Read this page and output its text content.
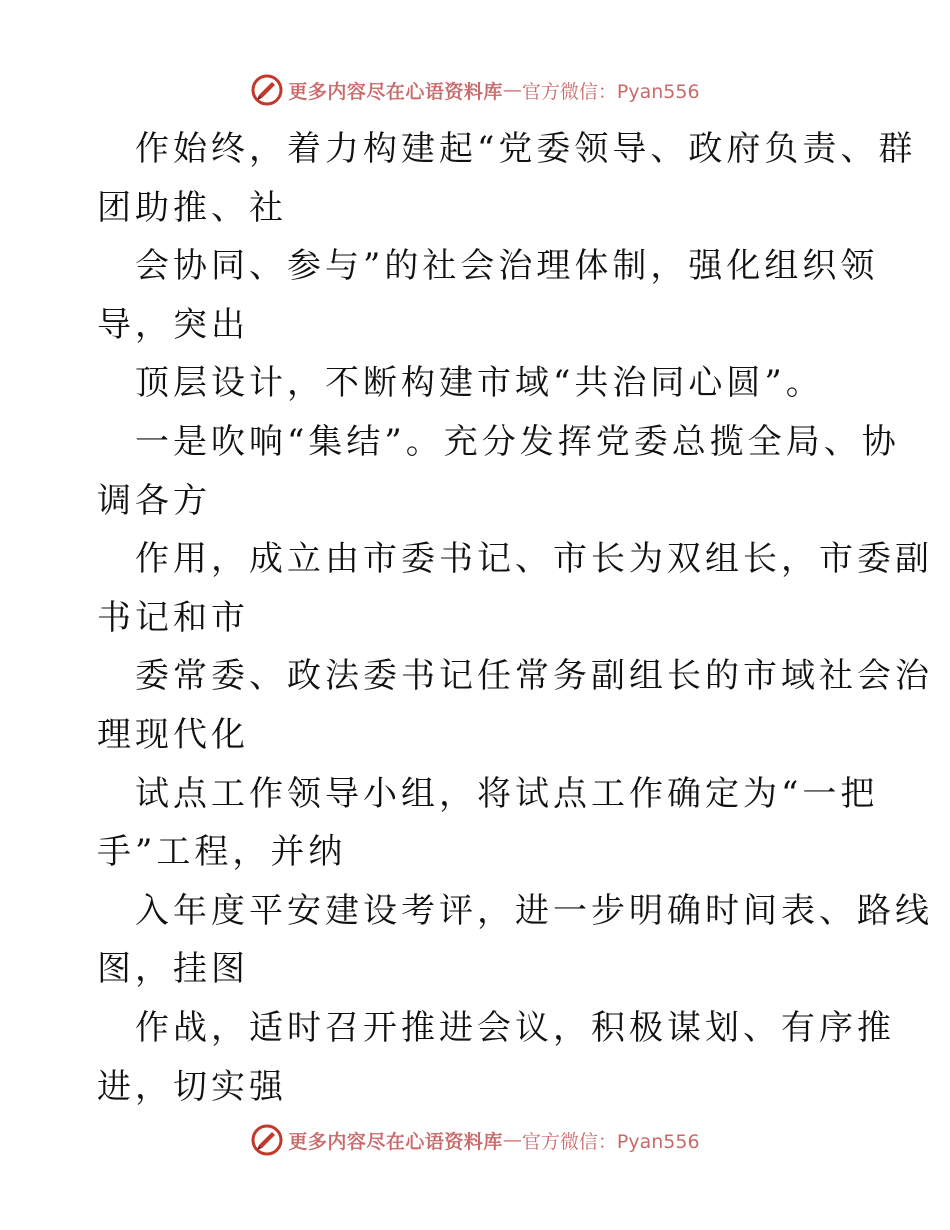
更多内容尽在心语资料库 — 官方微信：Pyan556
作始终，着力构建起“党委领导、政府负责、群
团助推、社
会协同、参与”的社会治理体制，强化组织领
导，突出
顶层设计，不断构建市域“共治同心圆”。
一是吹响“集结”。充分发挥党委总揽全局、协
调各方
作用，成立由市委书记、市长为双组长，市委副
书记和市
委常委、政法委书记任常务副组长的市域社会治
理现代化
试点工作领导小组，将试点工作确定为“一把
手”工程，并纳
入年度平安建设考评，进一步明确时间表、路线
图，挂图
作战，适时召开推进会议，积极谋划、有序推
进，切实强
更多内容尽在心语资料库 — 官方微信：Pyan556
